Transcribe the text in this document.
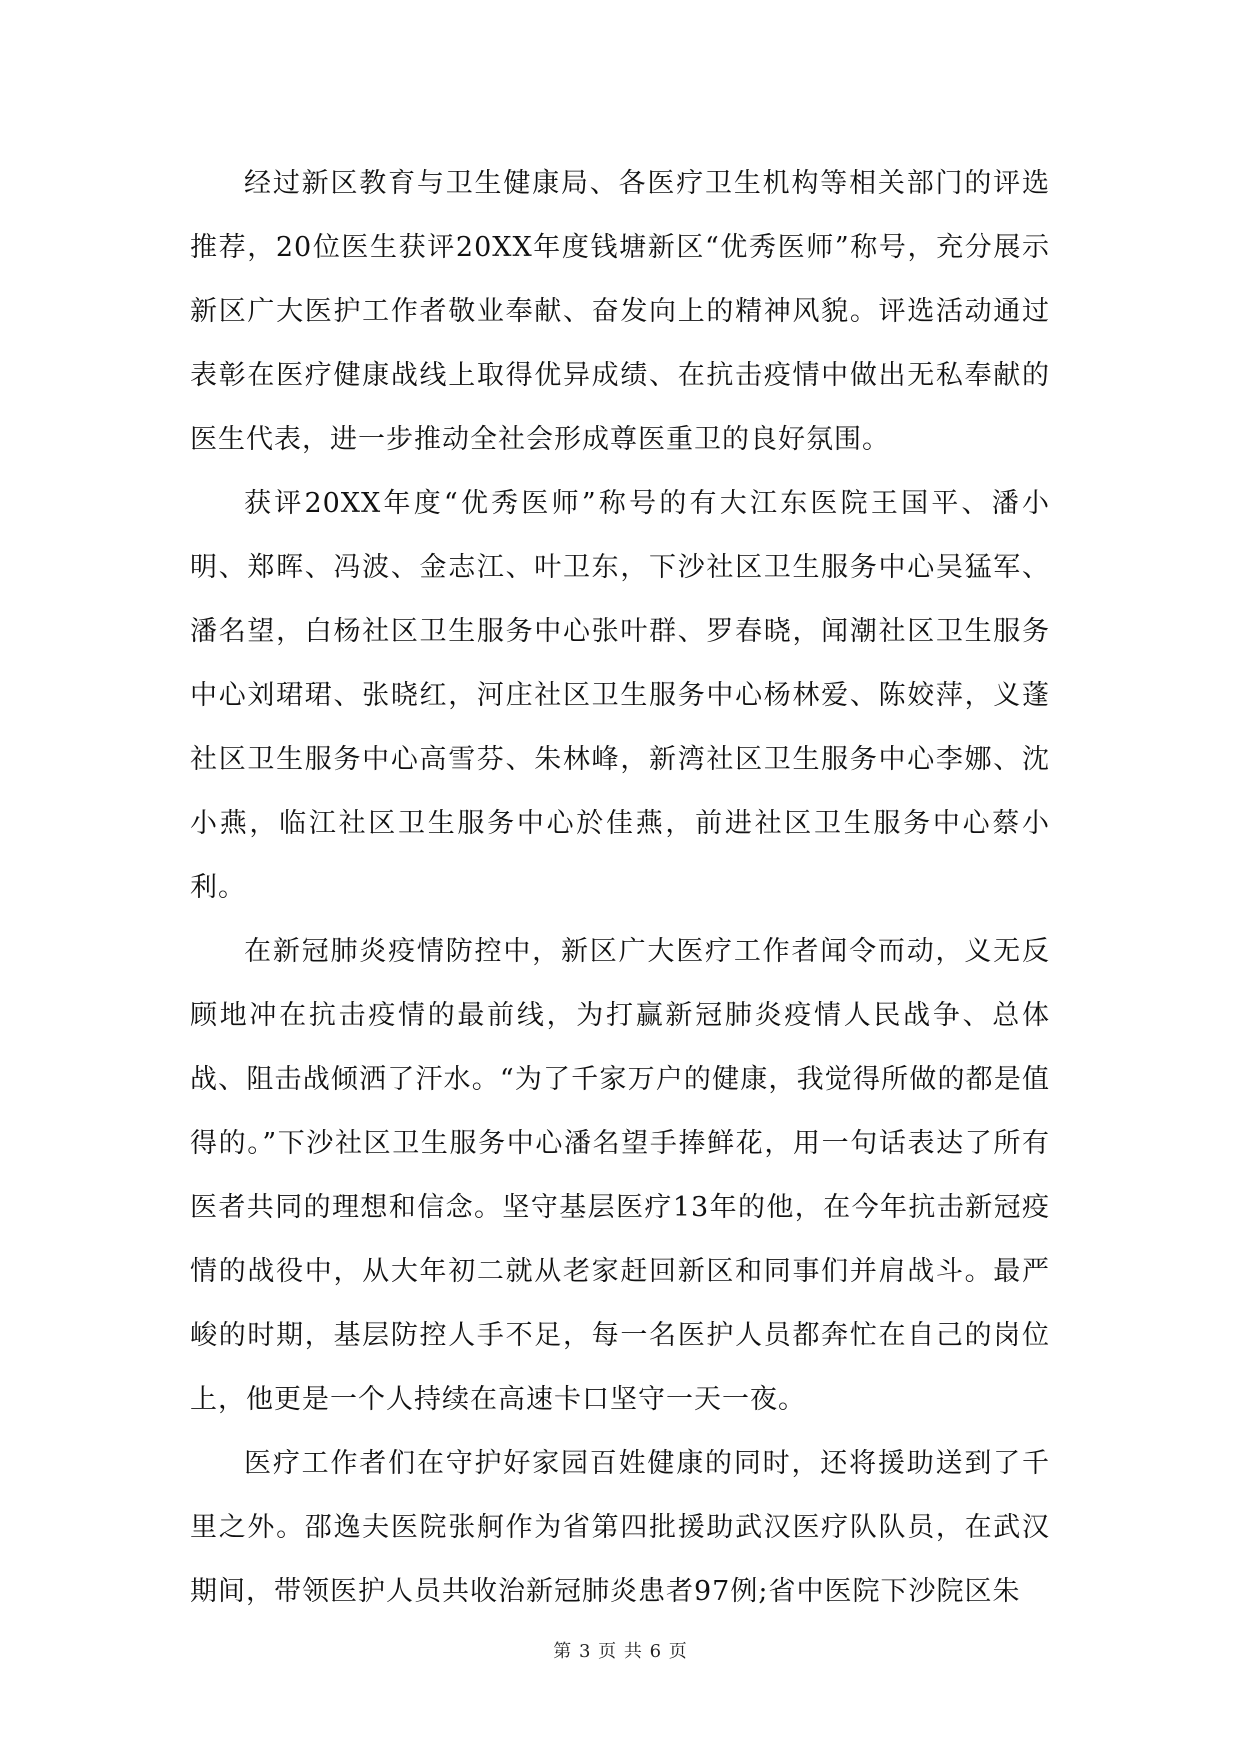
经过新区教育与卫生健康局、各医疗卫生机构等相关部门的评选推荐，20位医生获评20XX年度钱塘新区“优秀医师”称号，充分展示新区广大医护工作者敬业奉献、奋发向上的精神风貌。评选活动通过表彰在医疗健康战线上取得优异成绩、在抗击疫情中做出无私奉献的医生代表，进一步推动全社会形成尊医重卫的良好氛围。

获评20XX年度“优秀医师”称号的有大江东医院王国平、潘小明、郑晖、冯波、金志江、叶卫东，下沙社区卫生服务中心吴猛军、潘名望，白杨社区卫生服务中心张叶群、罗春晓，闻潮社区卫生服务中心刘珺珺、张晓红，河庄社区卫生服务中心杨林爱、陈姣萍，义蓬社区卫生服务中心高雪芬、朱林峰，新湾社区卫生服务中心李娜、沈小燕，临江社区卫生服务中心於佳燕，前进社区卫生服务中心蔡小利。

在新冠肺炎疫情防控中，新区广大医疗工作者闻令而动，义无反顾地冲在抗击疫情的最前线，为打赢新冠肺炎疫情人民战争、总体战、阻击战倾洒了汗水。“为了千家万户的健康，我觉得所做的都是值得的。”下沙社区卫生服务中心潘名望手捧鲜花，用一句话表达了所有医者共同的理想和信念。坚守基层医疗13年的他，在今年抗击新冠疫情的战役中，从大年初二就从老家赶回新区和同事们并肩战斗。最严峻的时期，基层防控人手不足，每一名医护人员都奔忙在自己的岗位上，他更是一个人持续在高速卡口坚守一天一夜。

医疗工作者们在守护好家园百姓健康的同时，还将援助送到了千里之外。邵逸夫医院张舸作为省第四批援助武汉医疗队队员，在武汉期间，带领医护人员共收治新冠肺炎患者97例;省中医院下沙院区朱

第 3 页 共 6 页
